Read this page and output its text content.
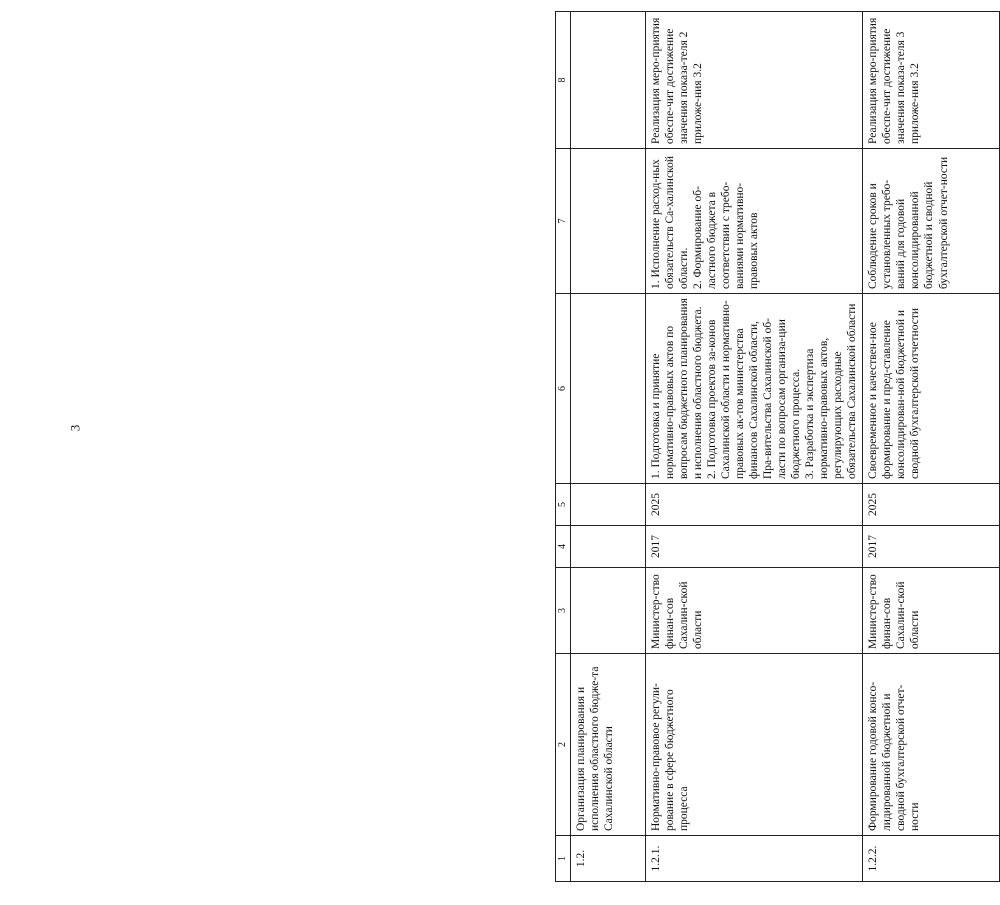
3
1	2	3	4	5	6	7	8
1.2.	Организация планирования и исполнения областного бюдже-та Сахалинской области						
1.2.1.	Нормативно-правовое регули-рование в сфере бюджетного процесса	Министер-ство финан-сов Сахалин-ской области	2017	2025	1. Подготовка и принятие нормативно-правовых актов по вопросам бюджетного планирования и исполнения областного бюджета.
2. Подготовка проектов за-конов Сахалинской области и нормативно-правовых ак-тов министерства финансов Сахалинской области, Пра-вительства Сахалинской об-ласти по вопросам организа-ции бюджетного процесса.
3. Разработка и экспертиза нормативно-правовых актов, регулирующих расходные обязательства Сахалинской области	1. Исполнение расход-ных обязательств Са-халинской области.
2. Формирование об-ластного бюджета в соответствии с требо-ваниями нормативно-правовых актов	Реализация меро-приятия обеспе-чит достижение значения показа-теля 2 приложе-ния 3.2
1.2.2.	Формирование годовой консо-лидированной бюджетной и сводной бухгалтерской отчет-ности	Министер-ство финан-сов Сахалин-ской области	2017	2025	Своевременное и качествен-ное формирование и пред-ставление консолидирован-ной бюджетной и сводной бухгалтерской отчетности	Соблюдение сроков и установленных требо-ваний для годовой консолидированной бюджетной и сводной бухгалтерской отчет-ности	Реализация меро-приятия обеспе-чит достижение значения показа-теля 3 приложе-ния 3.2
